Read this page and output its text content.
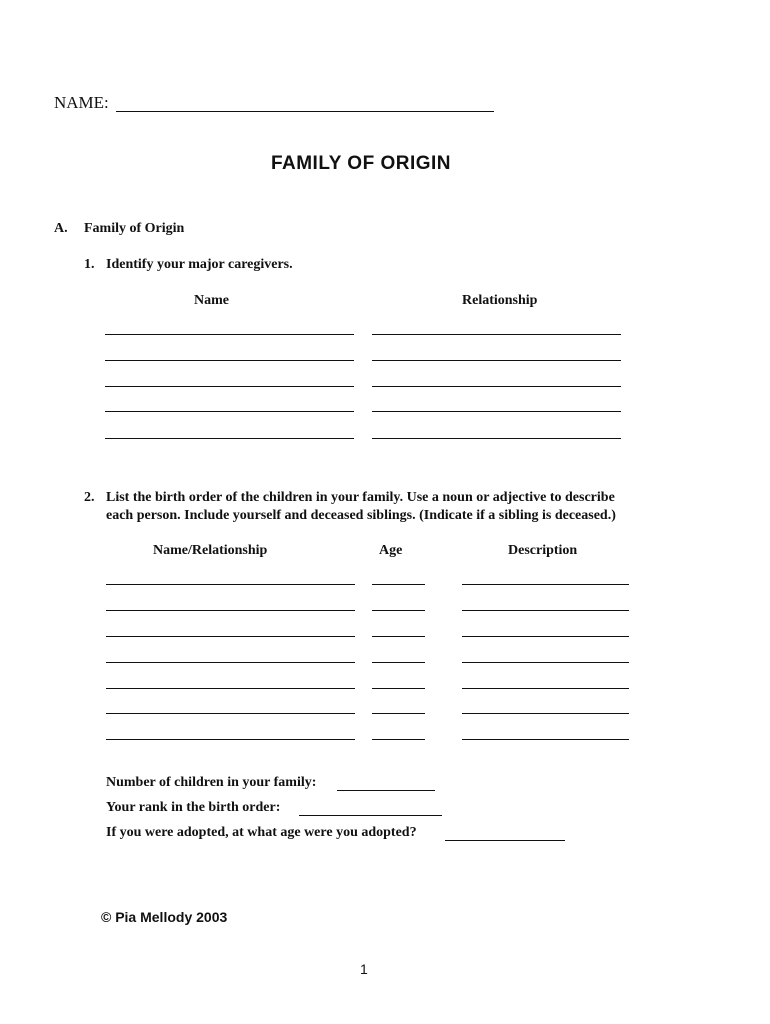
NAME:
FAMILY OF ORIGIN
A. Family of Origin
1. Identify your major caregivers.
Name	Relationship
2. List the birth order of the children in your family. Use a noun or adjective to describe
each person. Include yourself and deceased siblings. (Indicate if a sibling is deceased.)
Name/Relationship	Age	Description
Number of children in your family:
Your rank in the birth order:
If you were adopted, at what age were you adopted?
© Pia Mellody 2003
1
